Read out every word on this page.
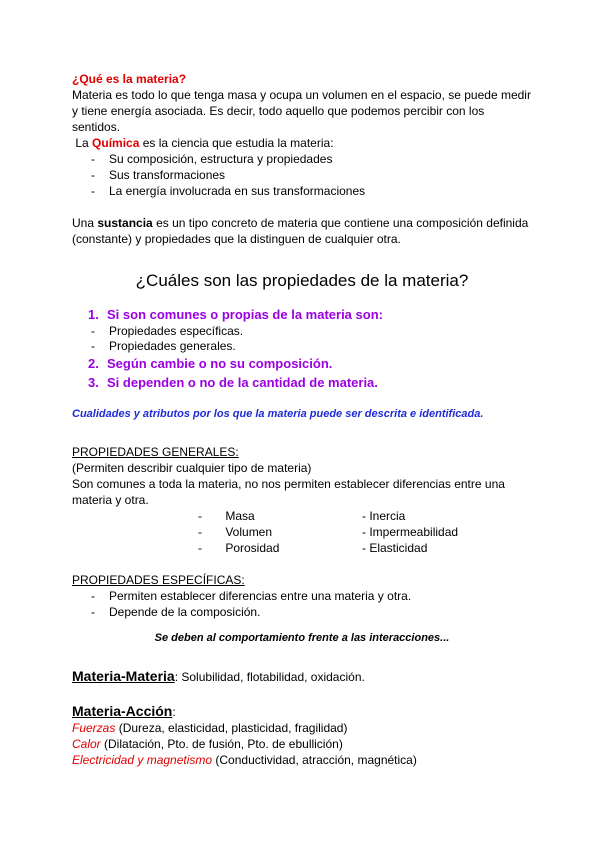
¿Qué es la materia?

Materia es todo lo que tenga masa y ocupa un volumen en el espacio, se puede medir y tiene energía asociada. Es decir, todo aquello que podemos percibir con los sentidos.

La Química es la ciencia que estudia la materia:

- Su composición, estructura y propiedades
- Sus transformaciones
- La energía involucrada en sus transformaciones

Una sustancia es un tipo concreto de materia que contiene una composición definida (constante) y propiedades que la distinguen de cualquier otra.

¿Cuáles son las propiedades de la materia?
1. Si son comunes o propias de la materia son:
- Propiedades específicas.
- Propiedades generales.
2. Según cambie o no su composición.
3. Si dependen o no de la cantidad de materia.

Cualidades y atributos por los que la materia puede ser descrita e identificada.

PROPIEDADES GENERALES:

(Permiten describir cualquier tipo de materia)

Son comunes a toda la materia, no nos permiten establecer diferencias entre una materia y otra.

-       Masa
-       Volumen
-       Porosidad
- Inercia
- Impermeabilidad
- Elasticidad

PROPIEDADES ESPECÍFICAS:

- Permiten establecer diferencias entre una materia y otra.
- Depende de la composición.

Se deben al comportamiento frente a las interacciones...

Materia-Materia: Solubilidad, flotabilidad, oxidación.

Materia-Acción:

Fuerzas (Dureza, elasticidad, plasticidad, fragilidad)

Calor (Dilatación, Pto. de fusión, Pto. de ebullición)

Electricidad y magnetismo (Conductividad, atracción, magnética)
